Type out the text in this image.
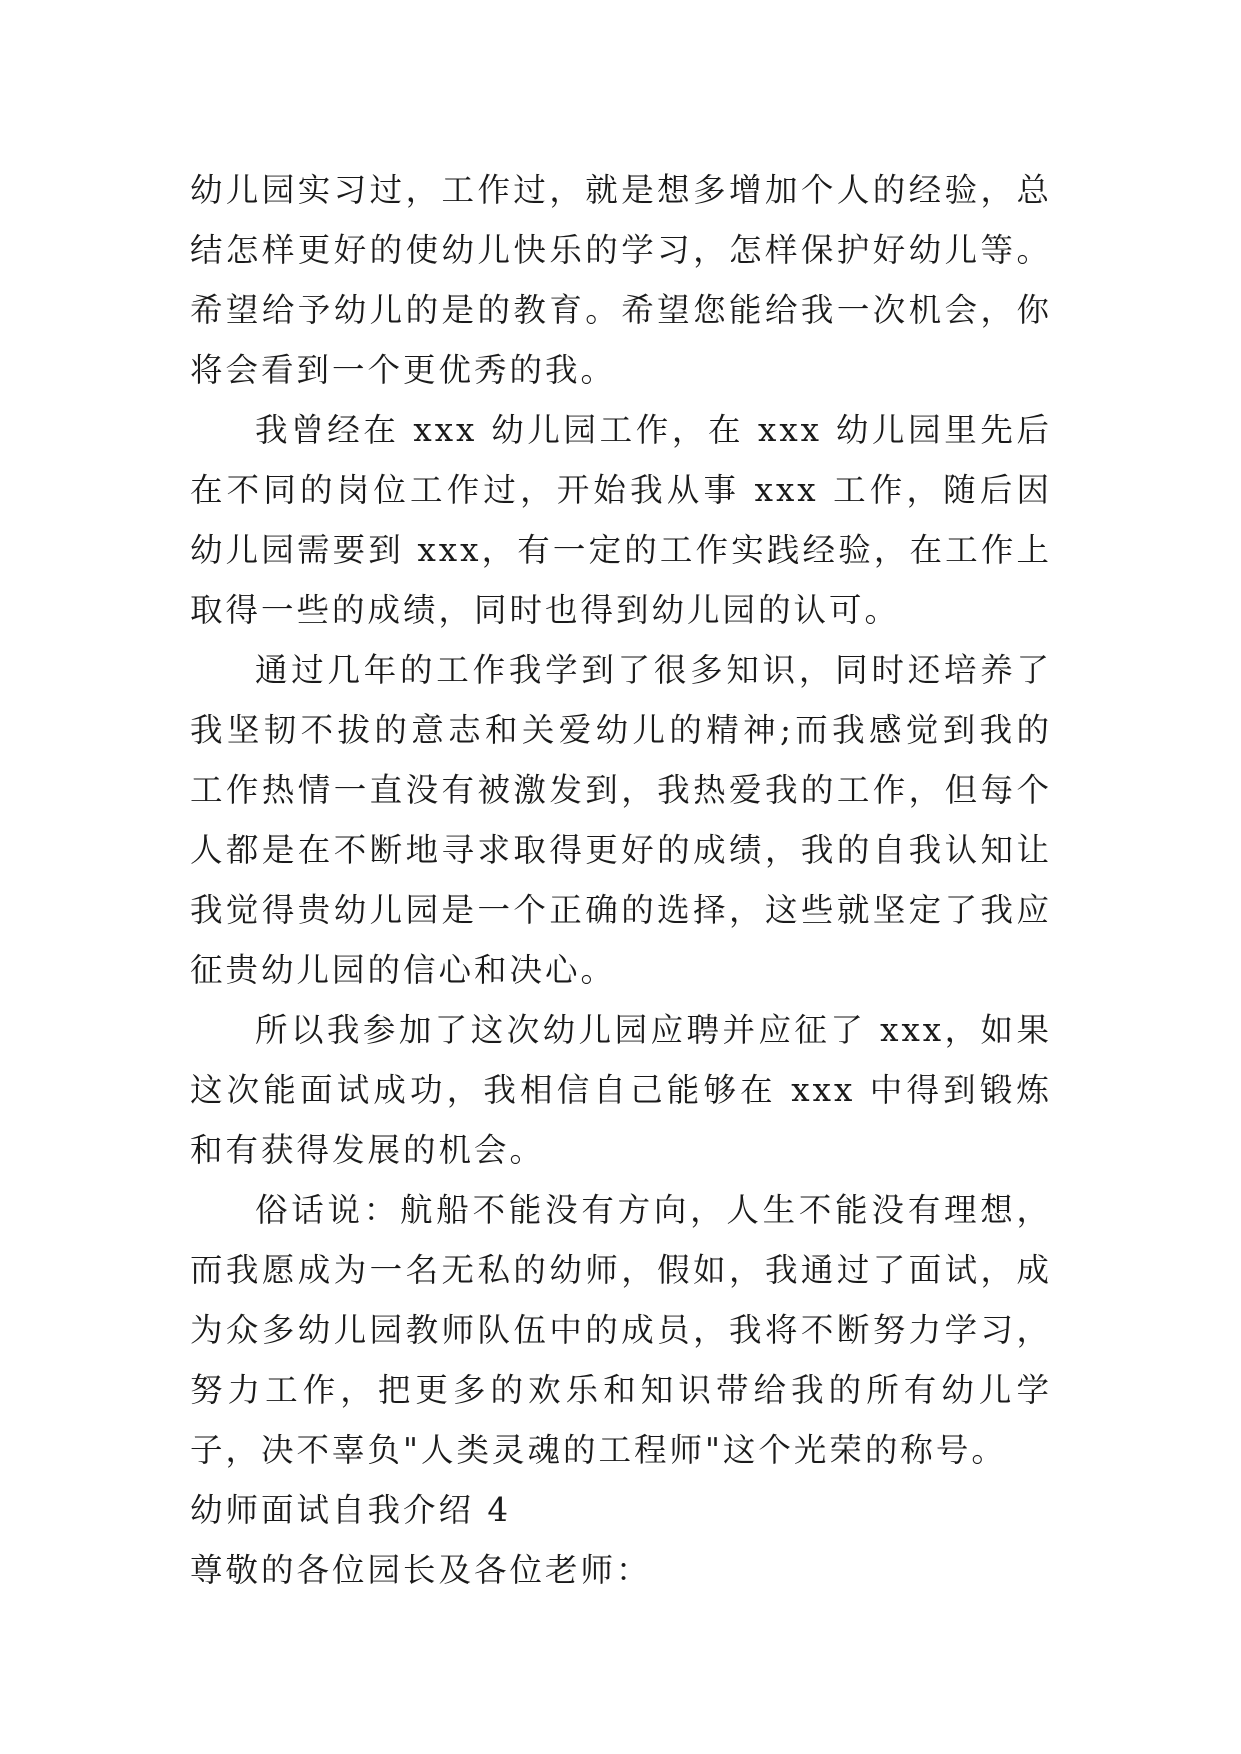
幼儿园实习过，工作过，就是想多增加个人的经验，总结怎样更好的使幼儿快乐的学习，怎样保护好幼儿等。希望给予幼儿的是的教育。希望您能给我一次机会，你将会看到一个更优秀的我。

我曾经在 xxx 幼儿园工作，在 xxx 幼儿园里先后在不同的岗位工作过，开始我从事 xxx 工作，随后因幼儿园需要到 xxx，有一定的工作实践经验，在工作上取得一些的成绩，同时也得到幼儿园的认可。

通过几年的工作我学到了很多知识，同时还培养了我坚韧不拔的意志和关爱幼儿的精神;而我感觉到我的工作热情一直没有被激发到，我热爱我的工作，但每个人都是在不断地寻求取得更好的成绩，我的自我认知让我觉得贵幼儿园是一个正确的选择，这些就坚定了我应征贵幼儿园的信心和决心。

所以我参加了这次幼儿园应聘并应征了 xxx，如果这次能面试成功，我相信自己能够在 xxx 中得到锻炼和有获得发展的机会。

俗话说：航船不能没有方向，人生不能没有理想，而我愿成为一名无私的幼师，假如，我通过了面试，成为众多幼儿园教师队伍中的成员，我将不断努力学习，努力工作，把更多的欢乐和知识带给我的所有幼儿学子，决不辜负"人类灵魂的工程师"这个光荣的称号。

幼师面试自我介绍 4

尊敬的各位园长及各位老师：
